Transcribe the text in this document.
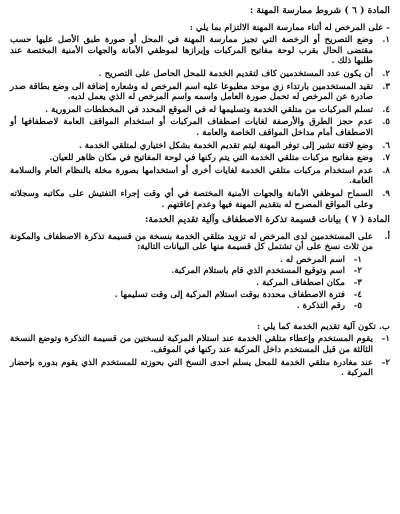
المادة ( ٦ ) شروط ممارسة المهنة :
- على المرخص له أثناء ممارسة المهنة الالتزام بما يلي :
١.
وضع التصريح أو الرخصة التي تجيز ممارسة المهنة في المحل أو صورة طبق الأصل عليها حسب مقتضى الحال بقرب لوحة مفاتيح المركبات وإبرازها لموظفي الأمانة والجهات الأمنية المختصة عند طلبها ذلك .
٢.
أن يكون عدد المستخدمين كاف لتقديم الخدمة للمحل الحاصل على التصريح .
٣.
تقيد المستخدمين بارتداء زي موحد مطبوعا عليه اسم المرخص له وشعاره إضافة الى وضع بطاقة صدر صادرة عن المرخص له تحمل صورة العامل واسمه واسم المرخص له الذي يعمل لديه.
٤.
تسلم المركبات من متلقي الخدمة وتسليمها له في الموقع المحدد في المخططات المرورية .
٥.
عدم حجز الطرق والأرصفة لغايات اصطفاف المركبات أو استخدام المواقف العامة لاصطفافها أو الاصطفاف أمام مداخل المواقف الخاصة والعامة .
٦.
وضع لافتة تشير إلى توفر المهنة ليتم تقديم الخدمة بشكل اختياري لمتلقي الخدمة .
٧.
وضع مفاتيح مركبات متلقي الخدمة التي يتم ركنها في لوحة المفاتيح في مكان ظاهر للعيان.
٨.
عدم استخدام مركبات متلقي الخدمة لغايات أخرى أو استخدامها بصورة مخلة بالنظام العام والسلامة العامة.
٩.
السماح لموظفي الأمانة والجهات الأمنية المختصة في أي وقت إجراء التفتيش على مكاتبه وسجلاته وعلى المواقع المصرح له بتقديم المهنة فيها وعدم إعاقتهم .
المادة ( ٧ ) بيانات قسيمة تذكرة الاصطفاف وآلية تقديم الخدمة:
أ.
على المستخدمين لدى المرخص له تزويد متلقي الخدمة بنسخة من قسيمة تذكرة الاصطفاف والمكونة من ثلاث نسخ على أن تشتمل كل قسيمة منها على البيانات التالية:
١-
اسم المرخص له .
٢-
اسم وتوقيع المستخدم الذي قام باستلام المركبة.
٣-
مكان اصطفاف المركبة .
٤-
فترة الاصطفاف محددة بوقت استلام المركبة إلى وقت تسليمها .
٥-
رقم التذكرة .
ب. تكون آلية تقديم الخدمة كما يلي :
١-
يقوم المستخدم وإعطاء متلقي الخدمة عند استلام المركبة لنسختين من قسيمة التذكرة وتوضع النسخة الثالثة من قبل المستخدم داخل المركبة عند ركنها في الموقف.
٢-
عند مغادرة متلقي الخدمة للمحل يسلم احدى النسخ التي بحوزته للمستخدم الذي يقوم بدوره بإحضار المركبة .
